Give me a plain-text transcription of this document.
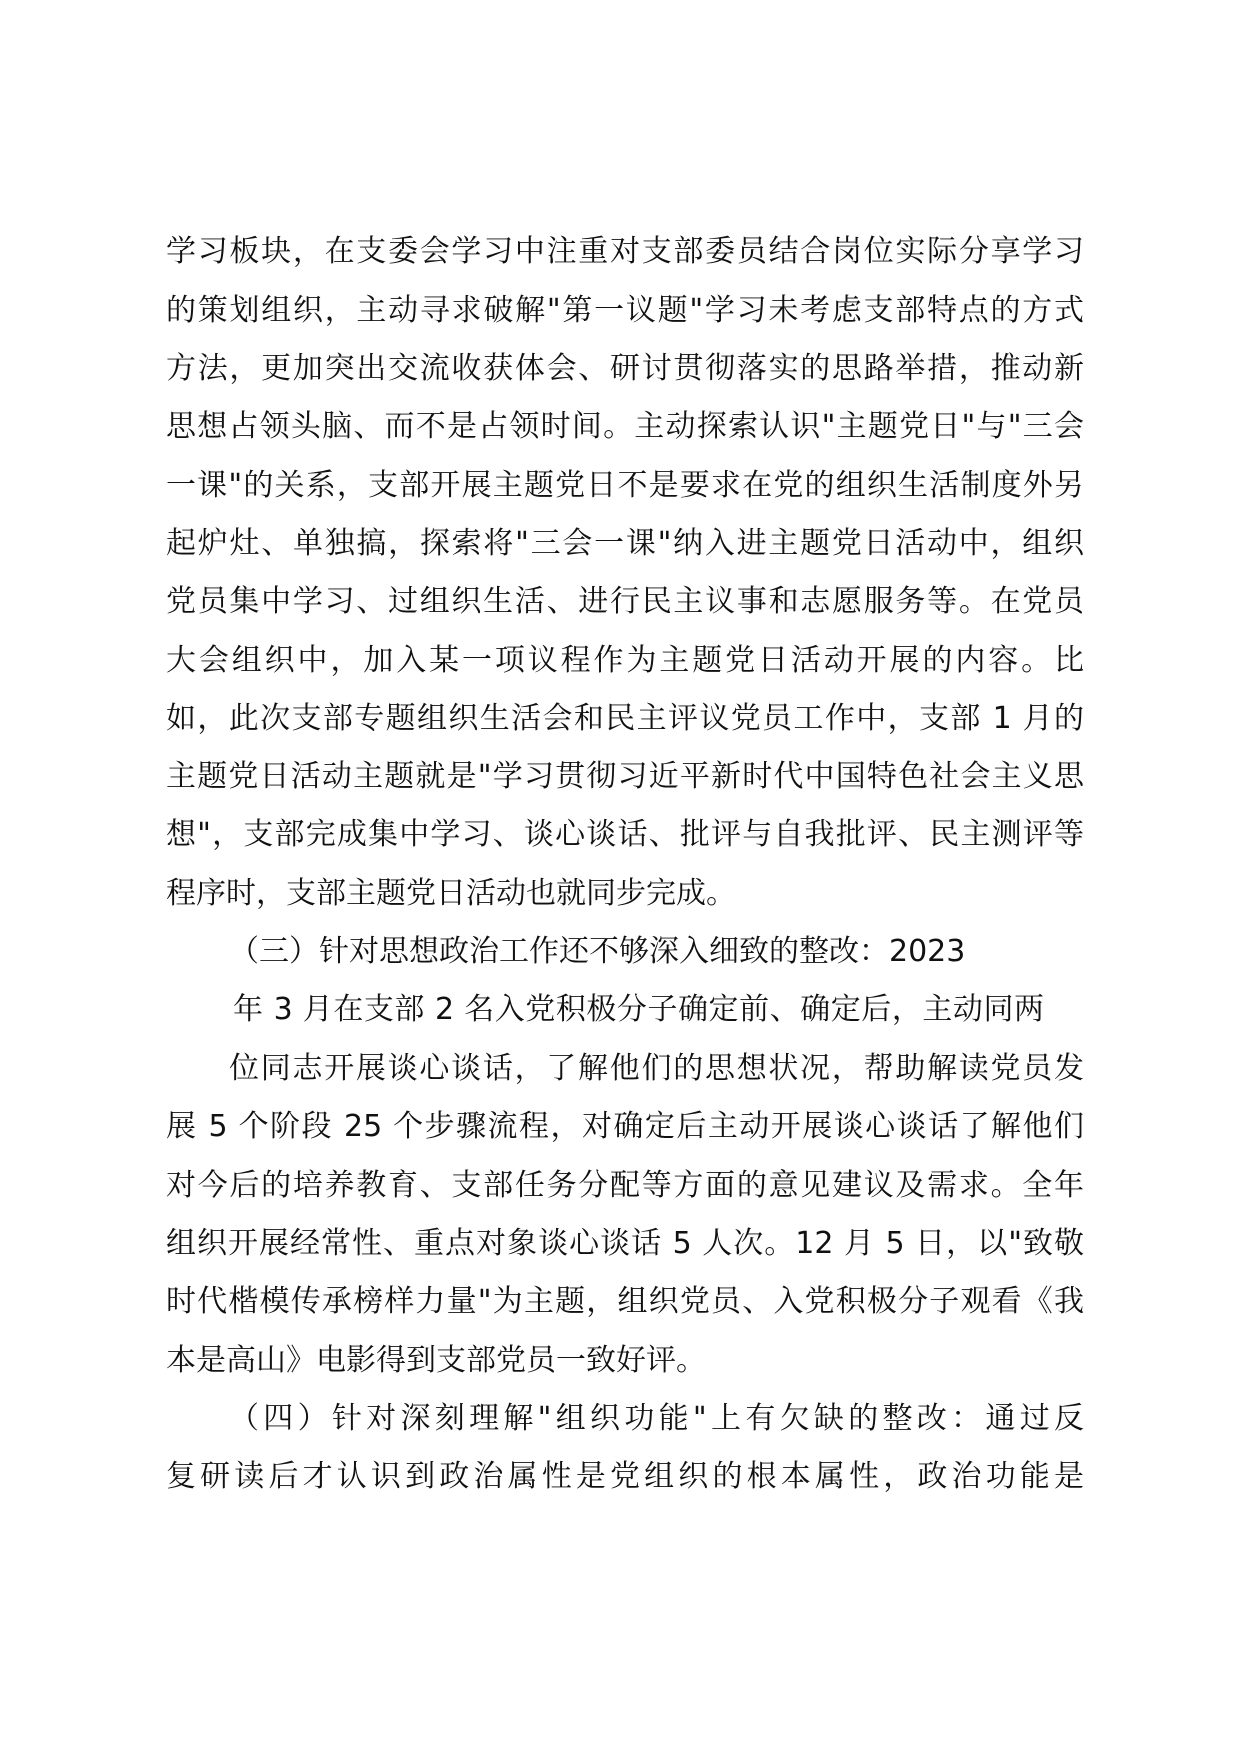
学习板块，在支委会学习中注重对支部委员结合岗位实际分享学习
的策划组织，主动寻求破解"第一议题"学习未考虑支部特点的方式
方法，更加突出交流收获体会、研讨贯彻落实的思路举措，推动新
思想占领头脑、而不是占领时间。主动探索认识"主题党日"与"三会
一课"的关系，支部开展主题党日不是要求在党的组织生活制度外另
起炉灶、单独搞，探索将"三会一课"纳入进主题党日活动中，组织
党员集中学习、过组织生活、进行民主议事和志愿服务等。在党员
大会组织中，加入某一项议程作为主题党日活动开展的内容。比
如，此次支部专题组织生活会和民主评议党员工作中，支部 1 月的
主题党日活动主题就是"学习贯彻习近平新时代中国特色社会主义思
想"，支部完成集中学习、谈心谈话、批评与自我批评、民主测评等
程序时，支部主题党日活动也就同步完成。
（三）针对思想政治工作还不够深入细致的整改：2023
年 3 月在支部 2 名入党积极分子确定前、确定后，主动同两
位同志开展谈心谈话，了解他们的思想状况，帮助解读党员发
展 5 个阶段 25 个步骤流程，对确定后主动开展谈心谈话了解他们
对今后的培养教育、支部任务分配等方面的意见建议及需求。全年
组织开展经常性、重点对象谈心谈话 5 人次。12 月 5 日，以"致敬
时代楷模传承榜样力量"为主题，组织党员、入党积极分子观看《我
本是高山》电影得到支部党员一致好评。
（四）针对深刻理解"组织功能"上有欠缺的整改：通过反
复研读后才认识到政治属性是党组织的根本属性，政治功能是
